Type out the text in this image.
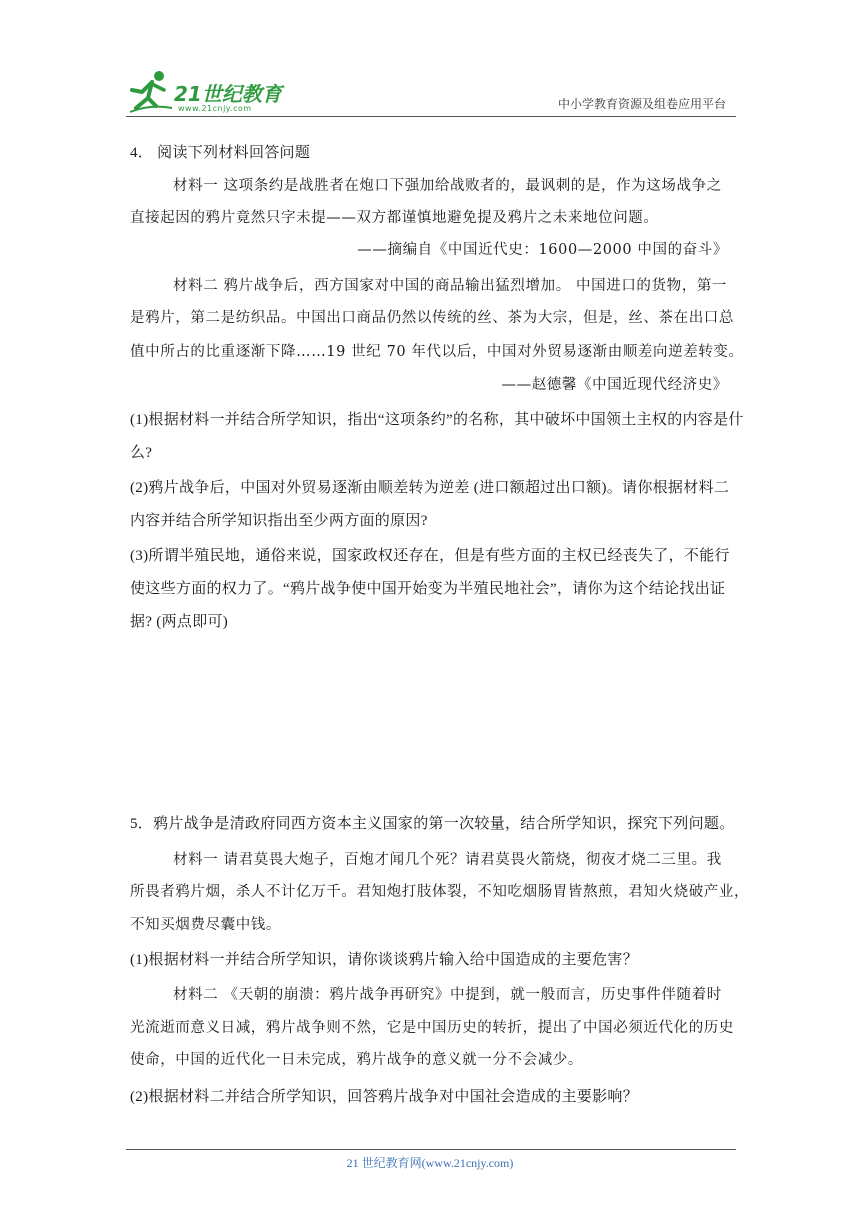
21世纪教育
www.21cnjy.com	中小学教育资源及组卷应用平台
4． 阅读下列材料回答问题
材料一 这项条约是战胜者在炮口下强加给战败者的，最讽刺的是，作为这场战争之
直接起因的鸦片竟然只字未提——双方都谨慎地避免提及鸦片之未来地位问题。
——摘编自《中国近代史：1600—2000 中国的奋斗》
材料二 鸦片战争后，西方国家对中国的商品输出猛烈增加。 中国进口的货物，第一
是鸦片，第二是纺织品。中国出口商品仍然以传统的丝、茶为大宗，但是，丝、茶在出口总
值中所占的比重逐渐下降……19 世纪 70 年代以后，中国对外贸易逐渐由顺差向逆差转变。
——赵德馨《中国近现代经济史》
(1)根据材料一并结合所学知识，指出“这项条约”的名称，其中破坏中国领土主权的内容是什
么?
(2)鸦片战争后，中国对外贸易逐渐由顺差转为逆差 (进口额超过出口额)。请你根据材料二
内容并结合所学知识指出至少两方面的原因?
(3)所谓半殖民地，通俗来说，国家政权还存在，但是有些方面的主权已经丧失了，不能行
使这些方面的权力了。“鸦片战争使中国开始变为半殖民地社会”，请你为这个结论找出证
据? (两点即可)
5．鸦片战争是清政府同西方资本主义国家的第一次较量，结合所学知识，探究下列问题。
材料一 请君莫畏大炮子，百炮才闻几个死？请君莫畏火箭烧，彻夜才烧二三里。我
所畏者鸦片烟，杀人不计亿万千。君知炮打肢体裂，不知吃烟肠胃皆熬煎，君知火烧破产业，
不知买烟费尽囊中钱。
(1)根据材料一并结合所学知识，请你谈谈鸦片输入给中国造成的主要危害？
材料二 《天朝的崩溃：鸦片战争再研究》中提到，就一般而言，历史事件伴随着时
光流逝而意义日减，鸦片战争则不然，它是中国历史的转折，提出了中国必须近代化的历史
使命，中国的近代化一日未完成，鸦片战争的意义就一分不会减少。
(2)根据材料二并结合所学知识，回答鸦片战争对中国社会造成的主要影响？
21 世纪教育网(www.21cnjy.com)
